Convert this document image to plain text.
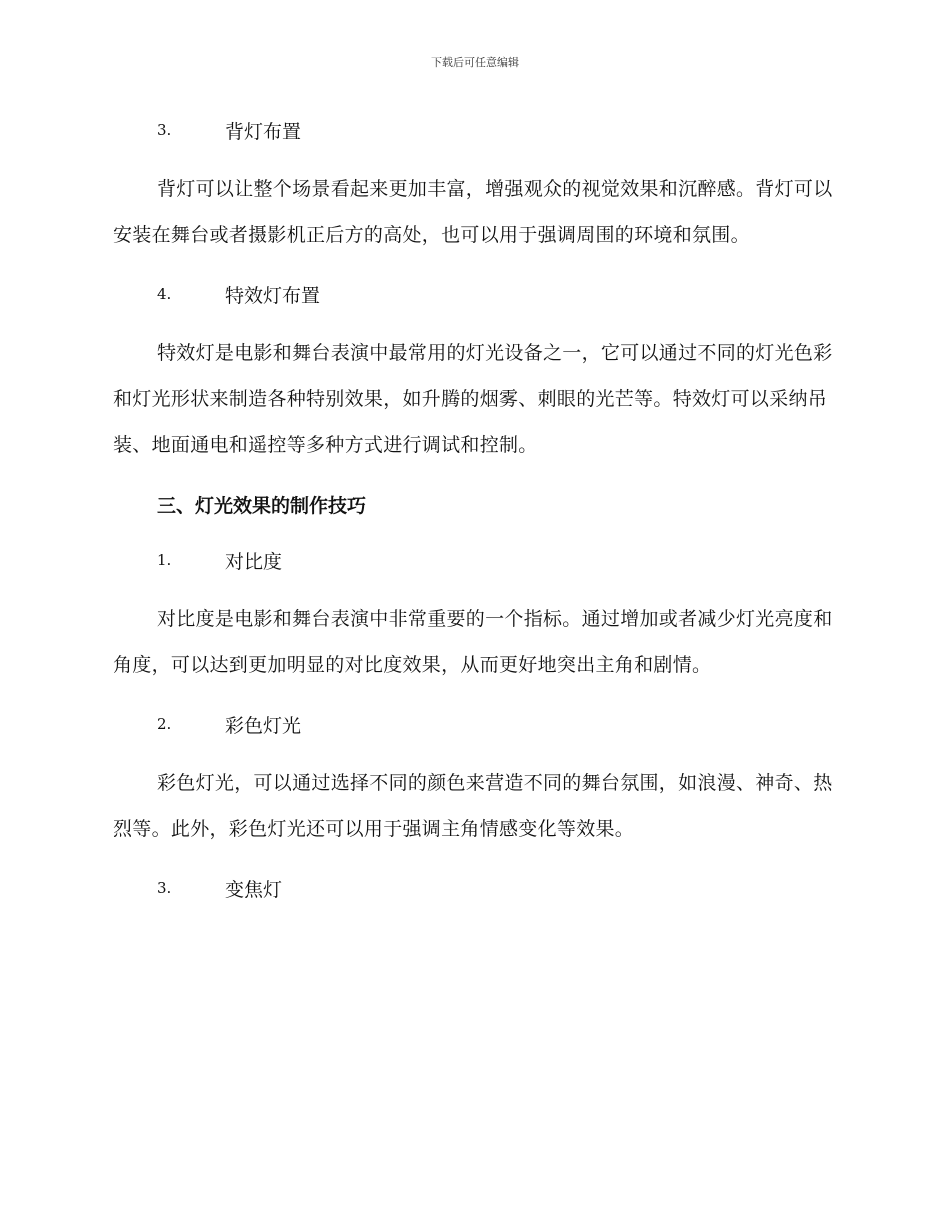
下载后可任意编辑
3.	背灯布置

背灯可以让整个场景看起来更加丰富，增强观众的视觉效果和沉醉感。背灯可以安装在舞台或者摄影机正后方的高处，也可以用于强调周围的环境和氛围。

4.	特效灯布置

特效灯是电影和舞台表演中最常用的灯光设备之一，它可以通过不同的灯光色彩和灯光形状来制造各种特别效果，如升腾的烟雾、刺眼的光芒等。特效灯可以采纳吊装、地面通电和遥控等多种方式进行调试和控制。

三、灯光效果的制作技巧
1.	对比度

对比度是电影和舞台表演中非常重要的一个指标。通过增加或者减少灯光亮度和角度，可以达到更加明显的对比度效果，从而更好地突出主角和剧情。

2.	彩色灯光

彩色灯光，可以通过选择不同的颜色来营造不同的舞台氛围，如浪漫、神奇、热烈等。此外，彩色灯光还可以用于强调主角情感变化等效果。

3.	变焦灯
